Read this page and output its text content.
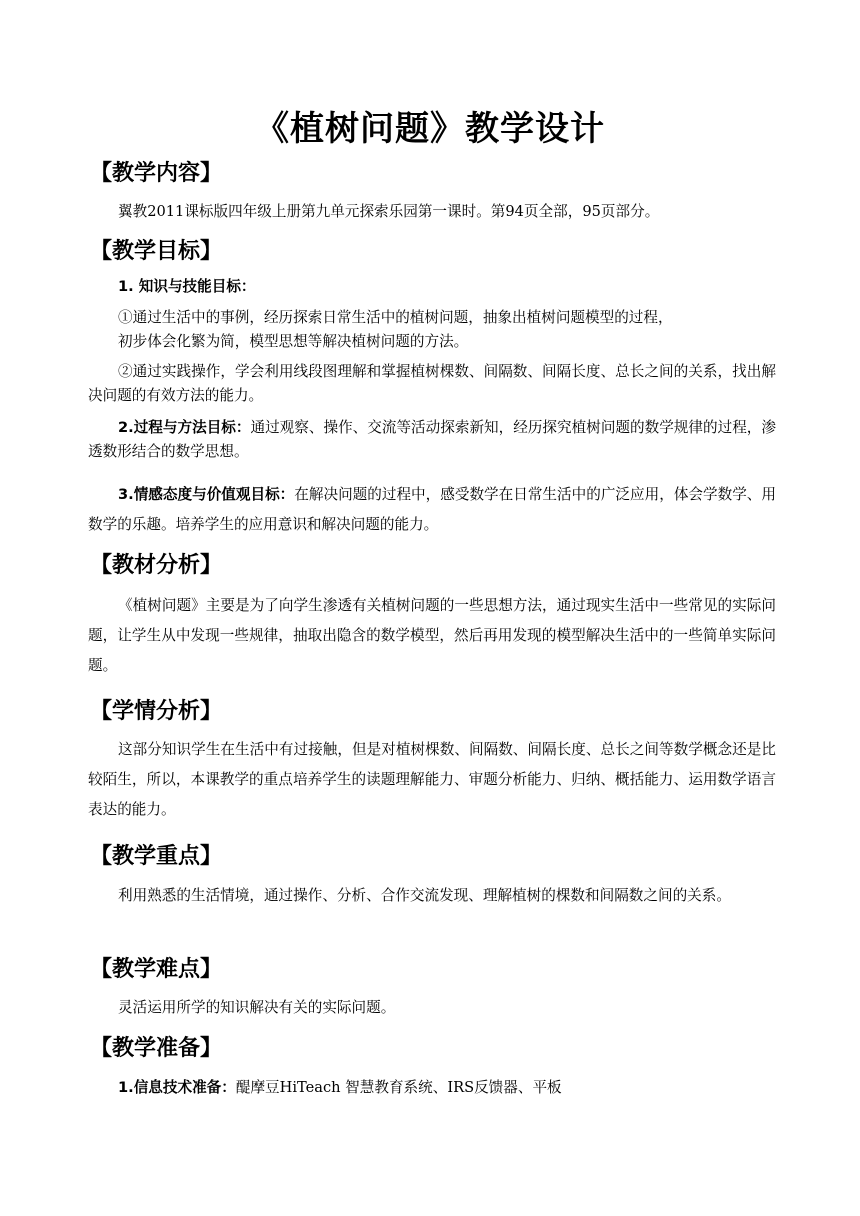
《植树问题》教学设计
【教学内容】

翼教2011课标版四年级上册第九单元探索乐园第一课时。第94页全部，95页部分。

【教学目标】
1. 知识与技能目标：
①通过生活中的事例，经历探索日常生活中的植树问题，抽象出植树问题模型的过程，
初步体会化繁为简，模型思想等解决植树问题的方法。

②通过实践操作，学会利用线段图理解和掌握植树棵数、间隔数、间隔长度、总长之间的关系，找出解决问题的有效方法的能力。

2.过程与方法目标：通过观察、操作、交流等活动探索新知，经历探究植树问题的数学规律的过程，渗透数形结合的数学思想。

3.情感态度与价值观目标：在解决问题的过程中，感受数学在日常生活中的广泛应用，体会学数学、用数学的乐趣。培养学生的应用意识和解决问题的能力。

【教材分析】

《植树问题》主要是为了向学生渗透有关植树问题的一些思想方法，通过现实生活中一些常见的实际问题，让学生从中发现一些规律，抽取出隐含的数学模型，然后再用发现的模型解决生活中的一些简单实际问题。

【学情分析】

这部分知识学生在生活中有过接触，但是对植树棵数、间隔数、间隔长度、总长之间等数学概念还是比较陌生，所以，本课教学的重点培养学生的读题理解能力、审题分析能力、归纳、概括能力、运用数学语言表达的能力。

【教学重点】

利用熟悉的生活情境，通过操作、分析、合作交流发现、理解植树的棵数和间隔数之间的关系。

【教学难点】

灵活运用所学的知识解决有关的实际问题。

【教学准备】
1.信息技术准备：醍摩豆HiTeach 智慧教育系统、IRS反馈器、平板
